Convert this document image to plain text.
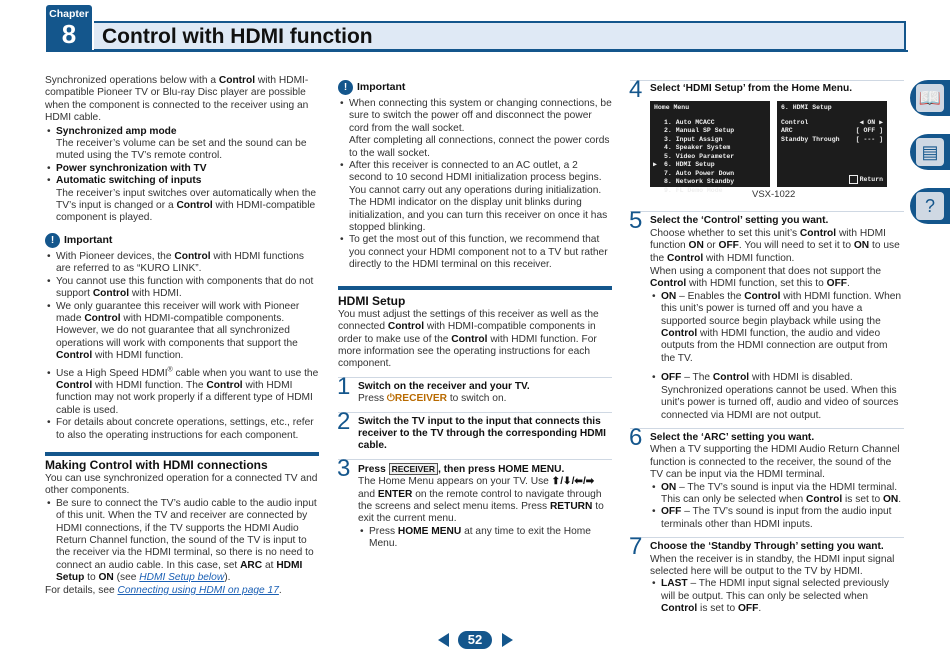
Chapter
8	Control with HDMI function
📖
▤
?

Synchronized operations below with a Control with HDMI-compatible Pioneer TV or Blu-ray Disc player are possible when the component is connected to the receiver using an HDMI cable.

• Synchronized amp mode

The receiver’s volume can be set and the sound can be muted using the TV’s remote control.

• Power synchronization with TV
• Automatic switching of inputs

The receiver’s input switches over automatically when the TV’s input is changed or a Control with HDMI-compatible component is played.

! Important
• With Pioneer devices, the Control with HDMI functions are referred to as “KURO LINK”.
• You cannot use this function with components that do not support Control with HDMI.
• We only guarantee this receiver will work with Pioneer made Control with HDMI-compatible components. However, we do not guarantee that all synchronized operations will work with components that support the Control with HDMI function.
• Use a High Speed HDMI® cable when you want to use the Control with HDMI function. The Control with HDMI function may not work properly if a different type of HDMI cable is used.
• For details about concrete operations, settings, etc., refer to also the operating instructions for each component.
Making Control with HDMI connections

You can use synchronized operation for a connected TV and other components.

• Be sure to connect the TV’s audio cable to the audio input of this unit. When the TV and receiver are connected by HDMI connections, if the TV supports the HDMI Audio Return Channel function, the sound of the TV is input to the receiver via the HDMI terminal, so there is no need to connect an audio cable. In this case, set ARC at HDMI Setup to ON (see HDMI Setup below).

For details, see Connecting using HDMI on page 17.

! Important
• When connecting this system or changing connections, be sure to switch the power off and disconnect the power cord from the wall socket.
After completing all connections, connect the power cords to the wall socket.
• After this receiver is connected to an AC outlet, a 2 second to 10 second HDMI initialization process begins. You cannot carry out any operations during initialization. The HDMI indicator on the display unit blinks during initialization, and you can turn this receiver on once it has stopped blinking.
• To get the most out of this function, we recommend that you connect your HDMI component not to a TV but rather directly to the HDMI terminal on this receiver.
HDMI Setup

You must adjust the settings of this receiver as well as the connected Control with HDMI-compatible components in order to make use of the Control with HDMI function. For more information see the operating instructions for each component.

1 Switch on the receiver and your TV.

Press ⏻RECEIVER to switch on.

2 Switch the TV input to the input that connects this receiver to the TV through the corresponding HDMI cable.
3 Press RECEIVER , then press HOME MENU.

The Home Menu appears on your TV. Use ⬆/⬇/⬅/➡ and ENTER on the remote control to navigate through the screens and select menu items. Press RETURN to exit the current menu.

• Press HOME MENU at any time to exit the Home Menu.
4 Select ‘HDMI Setup’ from the Home Menu.
Home Menu
1. Auto MCACC
2. Manual SP Setup
3. Input Assign
4. Speaker System
5. Video Parameter
▶ 6. HDMI Setup
7. Auto Power Down
8. Network Standby
9. FL Demo Mode
6. HDMI Setup
Control	◀ ON ▶
ARC	[ OFF ]
Standby Through [ --- ]
Return
VSX-1022
5 Select the ‘Control’ setting you want.

Choose whether to set this unit’s Control with HDMI function ON or OFF. You will need to set it to ON to use the Control with HDMI function.

When using a component that does not support the Control with HDMI function, set this to OFF.

• ON – Enables the Control with HDMI function. When this unit’s power is turned off and you have a supported source begin playback while using the Control with HDMI function, the audio and video outputs from the HDMI connection are output from the TV.
• OFF – The Control with HDMI is disabled. Synchronized operations cannot be used. When this unit’s power is turned off, audio and video of sources connected via HDMI are not output.
6 Select the ‘ARC’ setting you want.

When a TV supporting the HDMI Audio Return Channel function is connected to the receiver, the sound of the TV can be input via the HDMI terminal.

• ON – The TV’s sound is input via the HDMI terminal. This can only be selected when Control is set to ON.
• OFF – The TV’s sound is input from the audio input terminals other than HDMI inputs.
7 Choose the ‘Standby Through’ setting you want.

When the receiver is in standby, the HDMI input signal selected here will be output to the TV by HDMI.

• LAST – The HDMI input signal selected previously will be output. This can only be selected when Control is set to OFF.
52
